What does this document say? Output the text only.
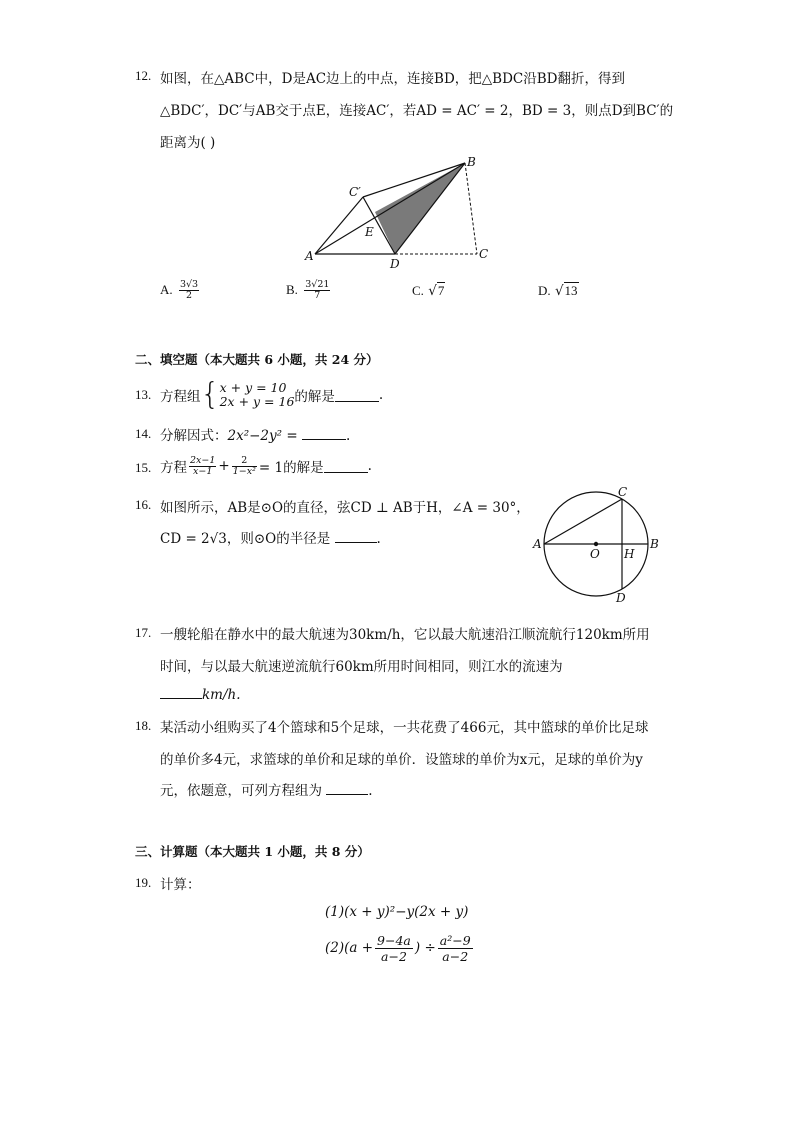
12. 如图，在△ABC中，D是AC边上的中点，连接BD，把△BDC沿BD翻折，得到
△BDC′，DC′与AB交于点E，连接AC′，若AD = AC′ = 2，BD = 3，则点D到BC′的
距离为( )
B
C′
E
A
D
C
A. $\frac{3√3}{2}$	B. $\frac{3√21}{7}$	C. √7	D. √13
二、填空题（本大题共 6 小题，共 24 分）
13. 方程组 { x + y = 10
2x + y = 16 的解是	.
14. 分解因式：2x²−2y² =	.
15. 方程 $\frac{2x-1}{x-1} + \frac{2}{\text{1−x²}} = 1$的解是	.
16. 如图所示，AB是⊙O的直径，弦CD ⊥ AB于H，∠A = 30°，
CD = 2√3，则⊙O的半径是	.
C
A	B
O H
D
17. 一艘轮船在静水中的最大航速为30km/h，它以最大航速沿江顺流航行120km所用
时间，与以最大航速逆流航行60km所用时间相同，则江水的流速为
km/h.
18. 某活动小组购买了4个篮球和5个足球，一共花费了466元，其中篮球的单价比足球
的单价多4元，求篮球的单价和足球的单价．设篮球的单价为x元，足球的单价为y
元，依题意，可列方程组为	.
三、计算题（本大题共 1 小题，共 8 分）
19. 计算：
(1)(x + y)²−y(2x + y)
$(2)(a + \frac{9-4a}{a-2}$ ) ÷ $\frac{\text{a²−9}}{a-2}$
